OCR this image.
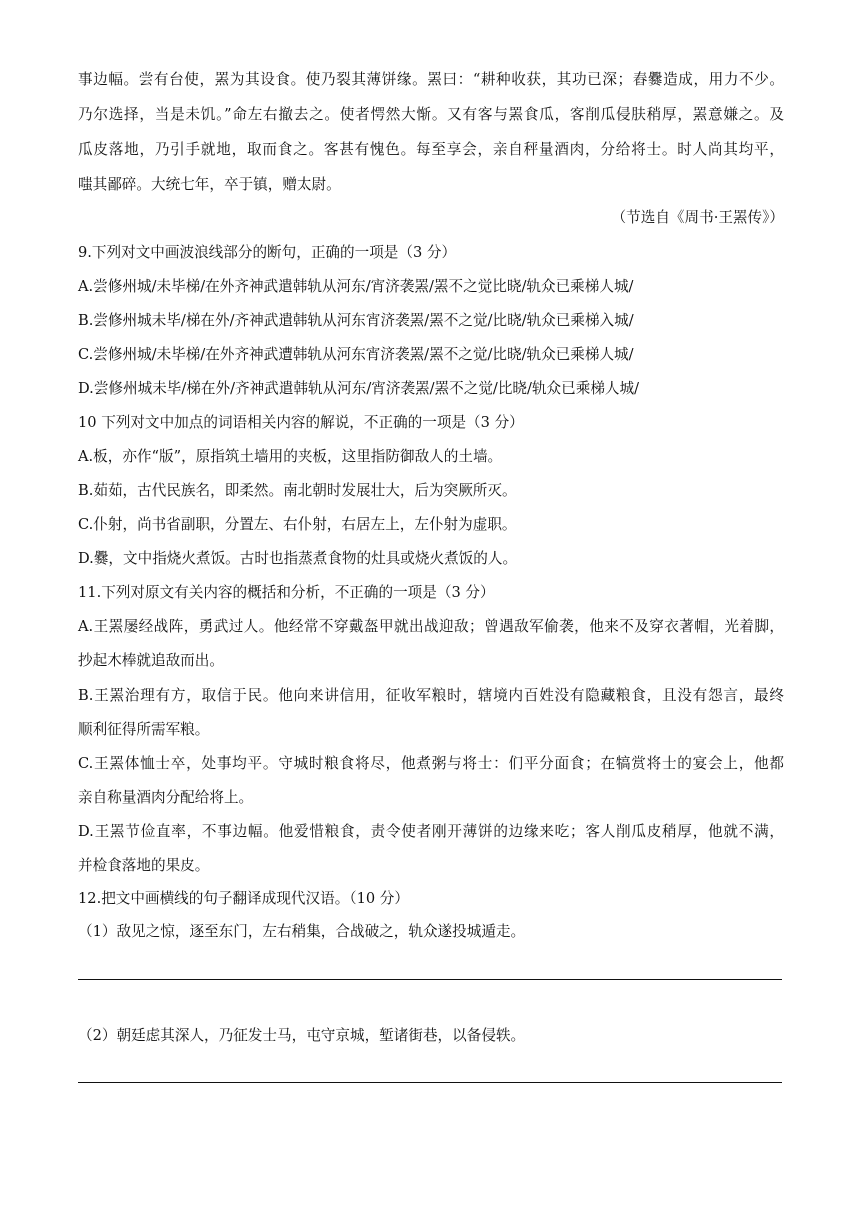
事边幅。尝有台使，罴为其设食。使乃裂其薄饼缘。罴曰：“耕种收获，其功已深；舂爨造成，用力不少。
乃尔选择，当是未饥。”命左右撤去之。使者愕然大惭。又有客与罴食瓜，客削瓜侵肤稍厚，罴意嫌之。及
瓜皮落地，乃引手就地，取而食之。客甚有愧色。每至享会，亲自秤量酒肉，分给将士。时人尚其均平，
嗤其鄙碎。大统七年，卒于镇，赠太尉。
（节选自《周书·王罴传》）
9.下列对文中画波浪线部分的断句，正确的一项是（3 分）
A.尝修州城/未毕梯/在外齐神武遣韩轨从河东/宵济袭罴/罴不之觉比晓/轨众已乘梯人城/
B.尝修州城未毕/梯在外/齐神武遣韩轨从河东宵济袭罴/罴不之觉/比晓/轨众已乘梯入城/
C.尝修州城/未毕梯/在外齐神武遭韩轨从河东宵济袭罴/罴不之觉/比晓/轨众已乘梯人城/
D.尝修州城未毕/梯在外/齐神武遣韩轨从河东/宵济袭罴/罴不之觉/比晓/轨众已乘梯人城/
10 下列对文中加点的词语相关内容的解说，不正确的一项是（3 分）
A.板，亦作“版”，原指筑土墙用的夹板，这里指防御敌人的土墙。
B.茹茹，古代民族名，即柔然。南北朝时发展壮大，后为突厥所灭。
C.仆射，尚书省副职，分置左、右仆射，右居左上，左仆射为虚职。
D.爨，文中指烧火煮饭。古时也指蒸煮食物的灶具或烧火煮饭的人。
11.下列对原文有关内容的概括和分析，不正确的一项是（3 分）
A.王罴屡经战阵，勇武过人。他经常不穿戴盔甲就出战迎敌；曾遇敌军偷袭，他来不及穿衣著帽，光着脚，
抄起木棒就追敌而出。
B.王罴治理有方，取信于民。他向来讲信用，征收军粮时，辖境内百姓没有隐藏粮食，且没有怨言，最终
顺利征得所需军粮。
C.王罴体恤士卒，处事均平。守城时粮食将尽，他煮粥与将士：们平分面食；在犒赏将士的宴会上，他都
亲自称量酒肉分配给将上。
D.王罴节俭直率，不事边幅。他爱惜粮食，责令使者刚开薄饼的边缘来吃；客人削瓜皮稍厚，他就不满，
并检食落地的果皮。
12.把文中画横线的句子翻译成现代汉语。（10 分）
（1）敌见之惊，逐至东门，左右稍集，合战破之，轨众遂投城遁走。
（2）朝廷虑其深人，乃征发士马，屯守京城，堑诸街巷，以备侵轶。
